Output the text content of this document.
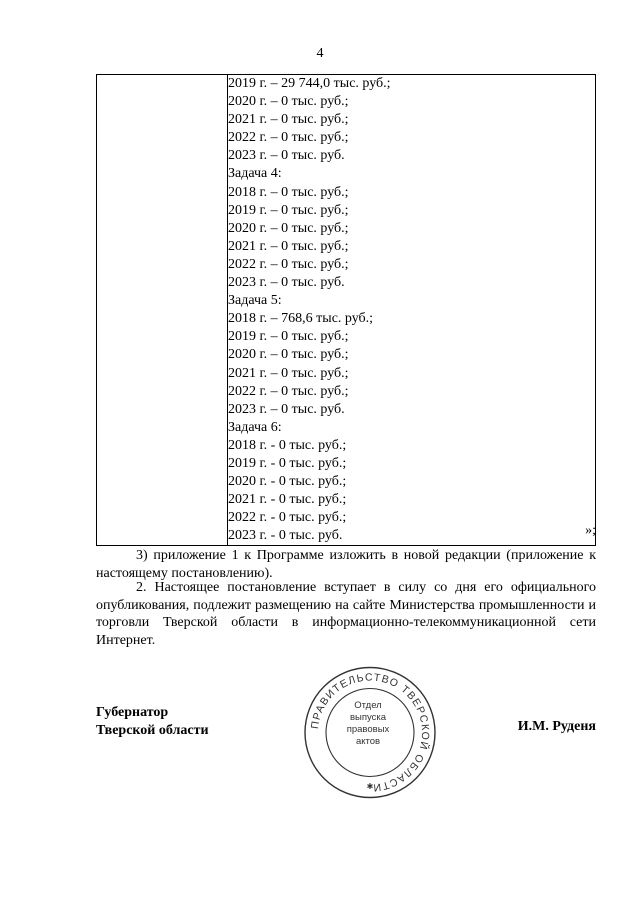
4

2019 г. – 29 744,0 тыс. руб.;
2020 г. – 0 тыс. руб.;
2021 г. – 0 тыс. руб.;
2022 г. – 0 тыс. руб.;
2023 г. – 0 тыс. руб.
Задача 4:
2018 г. – 0 тыс. руб.;
2019 г. – 0 тыс. руб.;
2020 г. – 0 тыс. руб.;
2021 г. – 0 тыс. руб.;
2022 г. – 0 тыс. руб.;
2023 г. – 0 тыс. руб.
Задача 5:
2018 г. – 768,6 тыс. руб.;
2019 г. – 0 тыс. руб.;
2020 г. – 0 тыс. руб.;
2021 г. – 0 тыс. руб.;
2022 г. – 0 тыс. руб.;
2023 г. – 0 тыс. руб.
Задача 6:
2018 г. - 0 тыс. руб.;
2019 г. - 0 тыс. руб.;
2020 г. - 0 тыс. руб.;
2021 г. - 0 тыс. руб.;
2022 г. - 0 тыс. руб.;
2023 г. - 0 тыс. руб.	»;
3) приложение 1 к Программе изложить в новой редакции (приложение к настоящему постановлению).
2. Настоящее постановление вступает в силу со дня его официального опубликования, подлежит размещению на сайте Министерства промышленности и торговли Тверской области в информационно-телекоммуникационной сети Интернет.
Губернатор
Тверской области	И.М. Руденя
ПРАВИТЕЛЬСТВО ТВЕРСКОЙ ОБЛАСТИ
✱
Отдел
выпуска
правовых
актов
